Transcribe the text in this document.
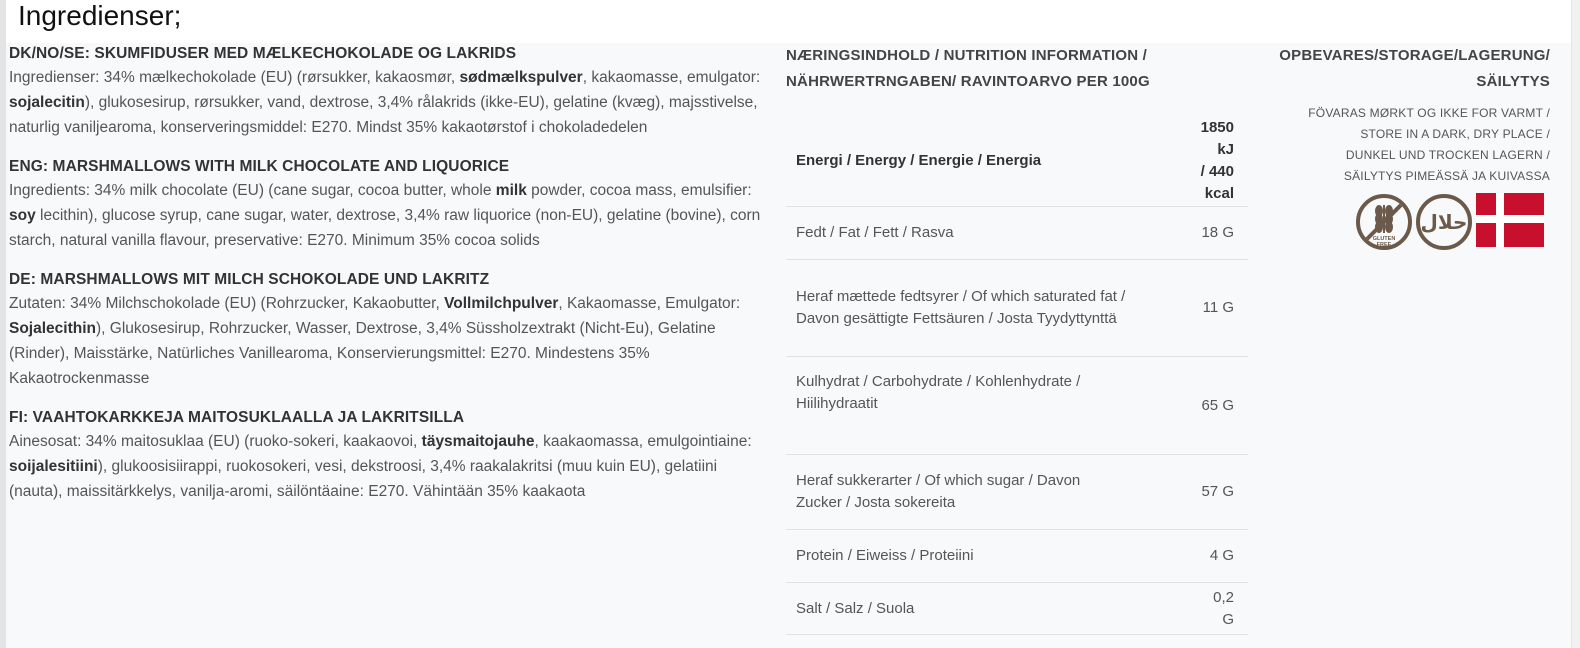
Ingredienser;

DK/NO/SE: SKUMFIDUSER MED MÆLKECHOKOLADE OG LAKRIDS

Ingredienser: 34% mælkechokolade (EU) (rørsukker, kakaosmør, sødmælkspulver, kakaomasse, emulgator: sojalecitin), glukosesirup, rørsukker, vand, dextrose, 3,4% rålakrids (ikke-EU), gelatine (kvæg), majsstivelse, naturlig vaniljearoma, konserveringsmiddel: E270. Mindst 35% kakaotørstof i chokoladedelen

ENG: MARSHMALLOWS WITH MILK CHOCOLATE AND LIQUORICE

Ingredients: 34% milk chocolate (EU) (cane sugar, cocoa butter, whole milk powder, cocoa mass, emulsifier: soy lecithin), glucose syrup, cane sugar, water, dextrose, 3,4% raw liquorice (non-EU), gelatine (bovine), corn starch, natural vanilla flavour, preservative: E270. Minimum 35% cocoa solids

DE: MARSHMALLOWS MIT MILCH SCHOKOLADE UND LAKRITZ

Zutaten: 34% Milchschokolade (EU) (Rohrzucker, Kakaobutter, Vollmilchpulver, Kakaomasse, Emulgator: Sojalecithin), Glukosesirup, Rohrzucker, Wasser, Dextrose, 3,4% Süssholzextrakt (Nicht-Eu), Gelatine (Rinder), Maisstärke, Natürliches Vanillearoma, Konservierungsmittel: E270. Mindestens 35% Kakaotrockenmasse

FI: VAAHTOKARKKEJA MAITOSUKLAALLA JA LAKRITSILLA

Ainesosat: 34% maitosuklaa (EU) (ruoko-sokeri, kaakaovoi, täysmaitojauhe, kaakaomassa, emulgointiaine: soijalesitiini), glukoosisiirappi, ruokosokeri, vesi, dekstroosi, 3,4% raakalakritsi (muu kuin EU), gelatiini (nauta), maissitärkkelys, vanilja-aromi, säilöntäaine: E270. Vähintään 35% kaakaota

NÆRINGSINDHOLD / NUTRITION INFORMATION /

NÄHRWERTRNGABEN/ RAVINTOARVO PER 100G

Energi / Energy / Energie / Energia	1850 kJ
/ 440
kcal

Fedt / Fat / Fett / Rasva	18 G
Heraf mættede fedtsyrer / Of which saturated fat / Davon gesättigte Fettsäuren / Josta Tyydyttynttä	11 G
Kulhydrat / Carbohydrate / Kohlenhydrate / Hiilihydraatit	65 G
Heraf sukkerarter / Of which sugar / Davon Zucker / Josta sokereita	57 G
Protein / Eiweiss / Proteiini	4 G
Salt / Salz / Suola	0,2 G

OPBEVARES/STORAGE/LAGERUNG/

SÄILYTYS

FÖVARAS MØRKT OG IKKE FOR VARMT /
STORE IN A DARK, DRY PLACE /
DUNKEL UND TROCKEN LAGERN /
SÄILYTYS PIMEÄSSÄ JA KUIVASSA
GLUTEN
FREE
حلال
